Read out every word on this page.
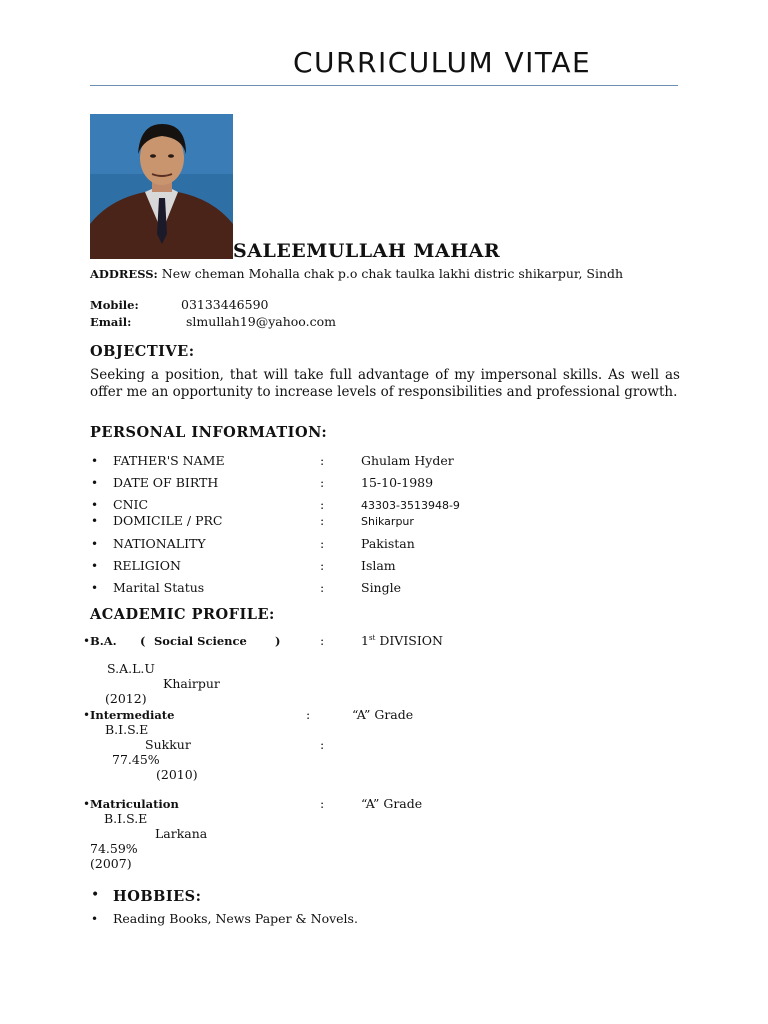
CURRICULUM VITAE
SALEEMULLAH MAHAR
ADDRESS: New cheman Mohalla chak p.o chak taulka lakhi distric shikarpur, Sindh
Mobile:	03133446590
Email:	slmullah19@yahoo.com
OBJECTIVE:
Seeking a position, that will take full advantage of my impersonal skills. As well as offer me an opportunity to increase levels of responsibilities and professional growth.
PERSONAL INFORMATION:
• FATHER'S NAME	:	Ghulam Hyder
• DATE OF BIRTH	:	15-10-1989
• CNIC	:	43303-3513948-9
• DOMICILE / PRC	:	Shikarpur
• NATIONALITY	:	Pakistan
• RELIGION	:	Islam
• Marital Status	:	Single
ACADEMIC PROFILE:
• B.A. ( Social Science )	:	1st DIVISION
S.A.L.U
Khairpur
(2012)
• Intermediate	:	“A” Grade
B.I.S.E
Sukkur	:
77.45%
(2010)
• Matriculation	:	“A” Grade
B.I.S.E
Larkana
74.59%
(2007)
• HOBBIES:
• Reading Books, News Paper & Novels.
